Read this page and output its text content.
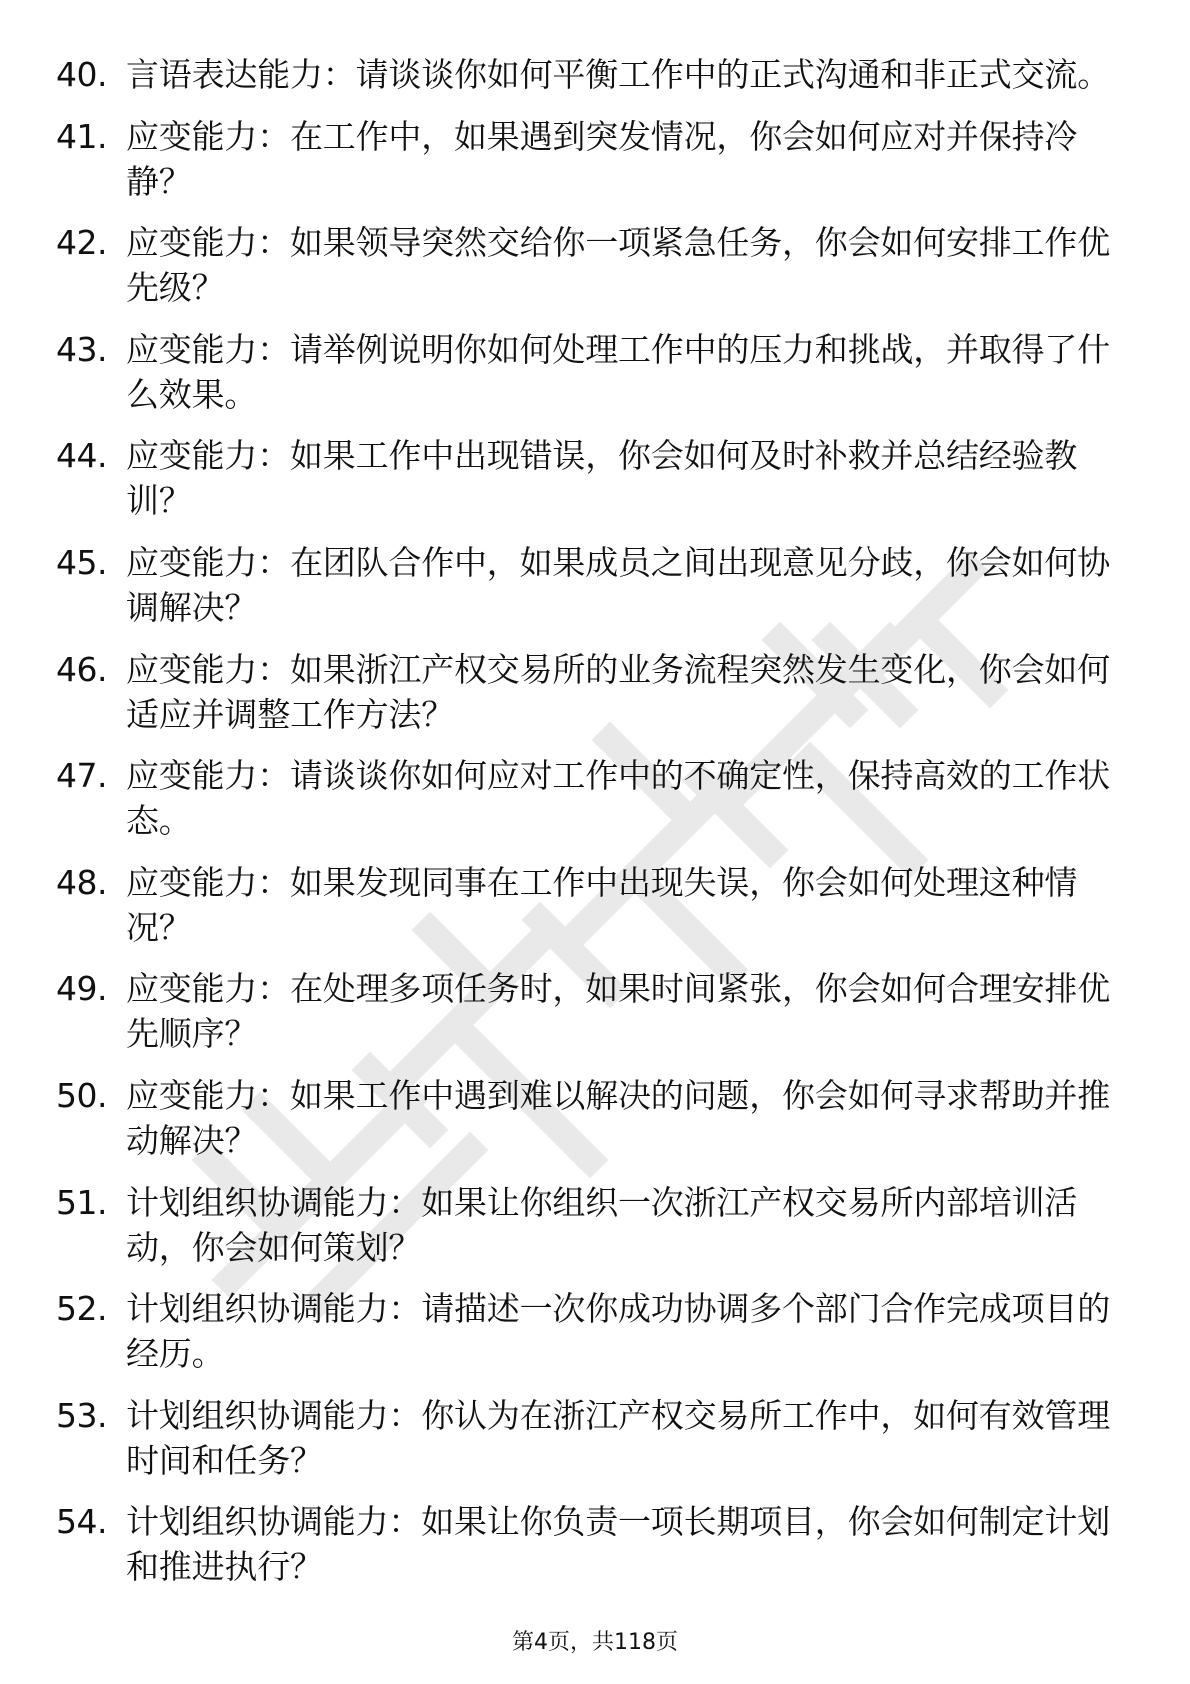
40. 言语表达能力：请谈谈你如何平衡工作中的正式沟通和非正式交流。
41. 应变能力：在工作中，如果遇到突发情况，你会如何应对并保持冷静？
42. 应变能力：如果领导突然交给你一项紧急任务，你会如何安排工作优先级？
43. 应变能力：请举例说明你如何处理工作中的压力和挑战，并取得了什么效果。
44. 应变能力：如果工作中出现错误，你会如何及时补救并总结经验教训？
45. 应变能力：在团队合作中，如果成员之间出现意见分歧，你会如何协调解决？
46. 应变能力：如果浙江产权交易所的业务流程突然发生变化，你会如何适应并调整工作方法？
47. 应变能力：请谈谈你如何应对工作中的不确定性，保持高效的工作状态。
48. 应变能力：如果发现同事在工作中出现失误，你会如何处理这种情况？
49. 应变能力：在处理多项任务时，如果时间紧张，你会如何合理安排优先顺序？
50. 应变能力：如果工作中遇到难以解决的问题，你会如何寻求帮助并推动解决？
51. 计划组织协调能力：如果让你组织一次浙江产权交易所内部培训活动，你会如何策划？
52. 计划组织协调能力：请描述一次你成功协调多个部门合作完成项目的经历。
53. 计划组织协调能力：你认为在浙江产权交易所工作中，如何有效管理时间和任务？
54. 计划组织协调能力：如果让你负责一项长期项目，你会如何制定计划和推进执行？
第4页，共118页
